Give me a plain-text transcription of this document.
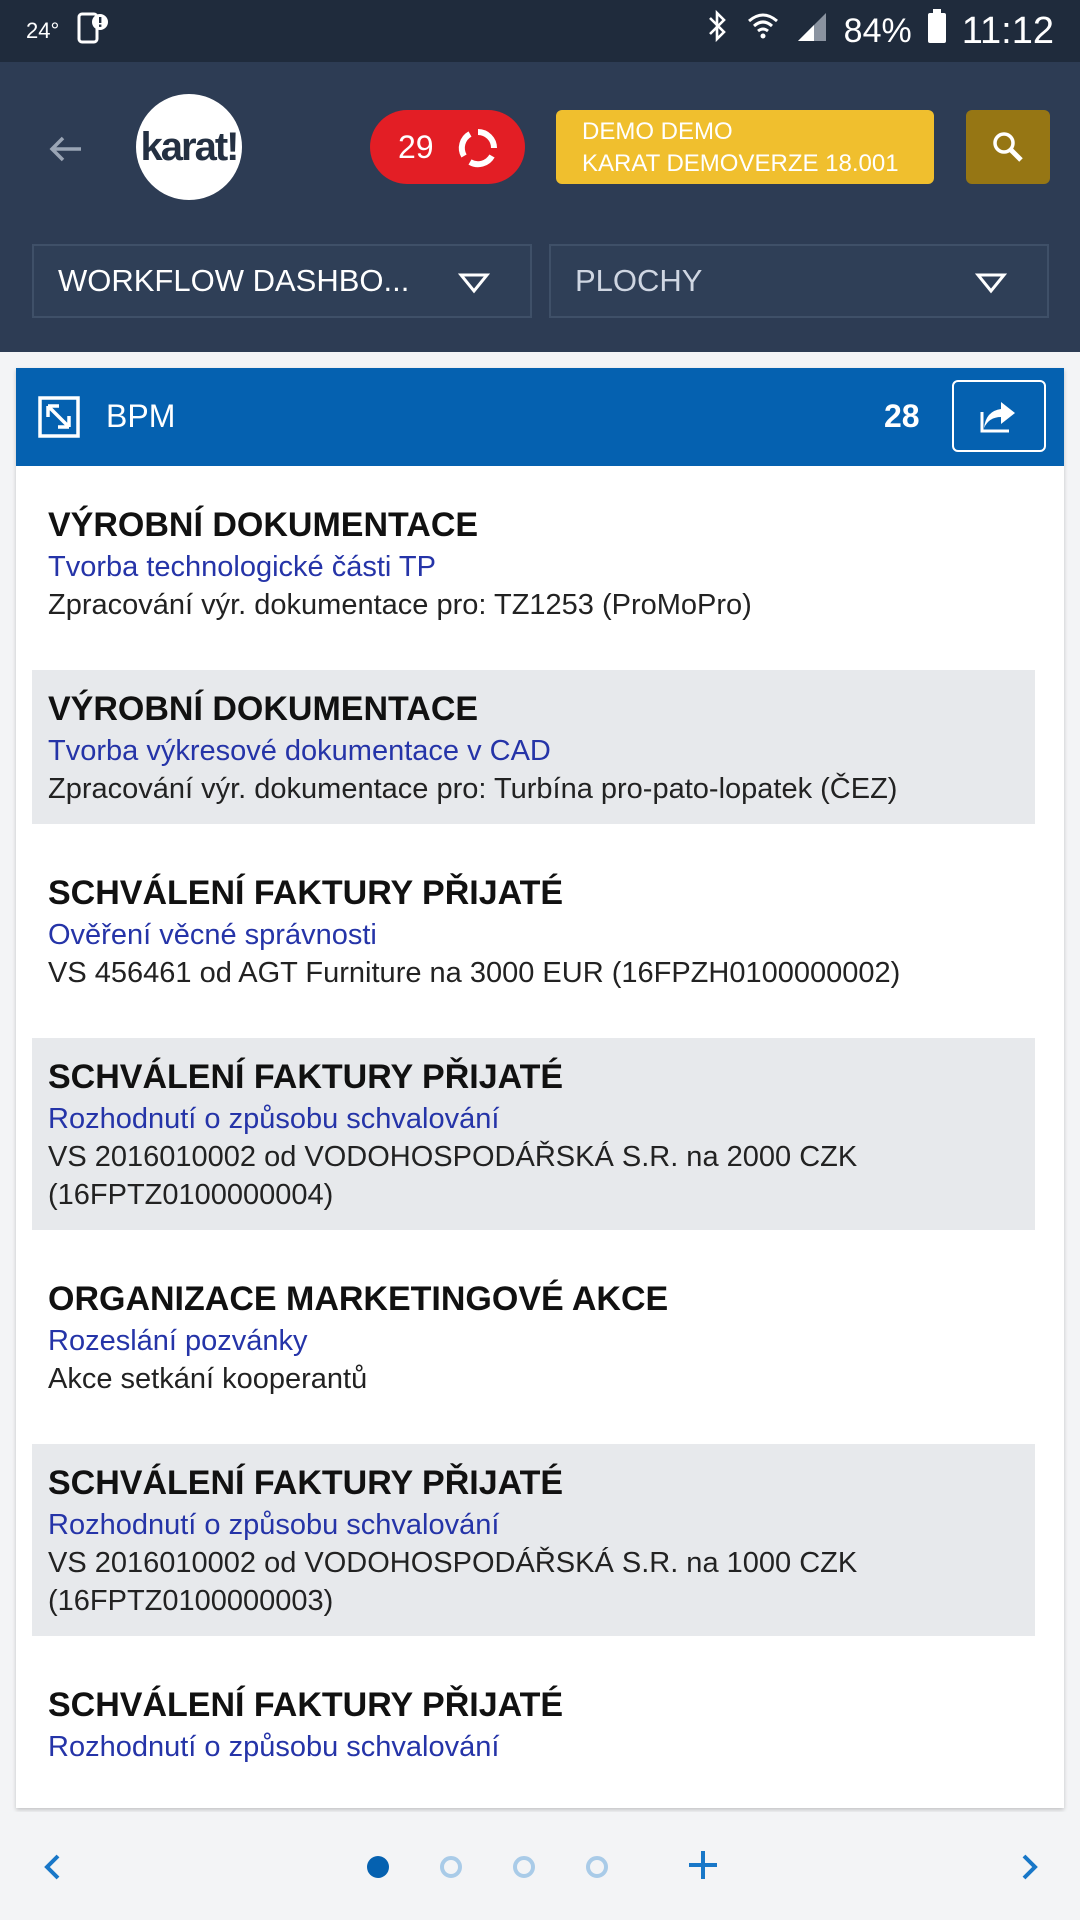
24°	84% 11:12
karat!	29	DEMO DEMO
KARAT DEMOVERZE 18.001
WORKFLOW DASHBO...	PLOCHY
BPM	28
VÝROBNÍ DOKUMENTACE
Tvorba technologické části TP
Zpracování výr. dokumentace pro: TZ1253 (ProMoPro)
VÝROBNÍ DOKUMENTACE
Tvorba výkresové dokumentace v CAD
Zpracování výr. dokumentace pro: Turbína pro-pato-lopatek (ČEZ)
SCHVÁLENÍ FAKTURY PŘIJATÉ
Ověření věcné správnosti
VS 456461 od AGT Furniture na 3000 EUR (16FPZH0100000002)
SCHVÁLENÍ FAKTURY PŘIJATÉ
Rozhodnutí o způsobu schvalování
VS 2016010002 od VODOHOSPODÁŘSKÁ S.R. na 2000 CZK (16FPTZ0100000004)
ORGANIZACE MARKETINGOVÉ AKCE
Rozeslání pozvánky
Akce setkání kooperantů
SCHVÁLENÍ FAKTURY PŘIJATÉ
Rozhodnutí o způsobu schvalování
VS 2016010002 od VODOHOSPODÁŘSKÁ S.R. na 1000 CZK (16FPTZ0100000003)
SCHVÁLENÍ FAKTURY PŘIJATÉ
Rozhodnutí o způsobu schvalování
